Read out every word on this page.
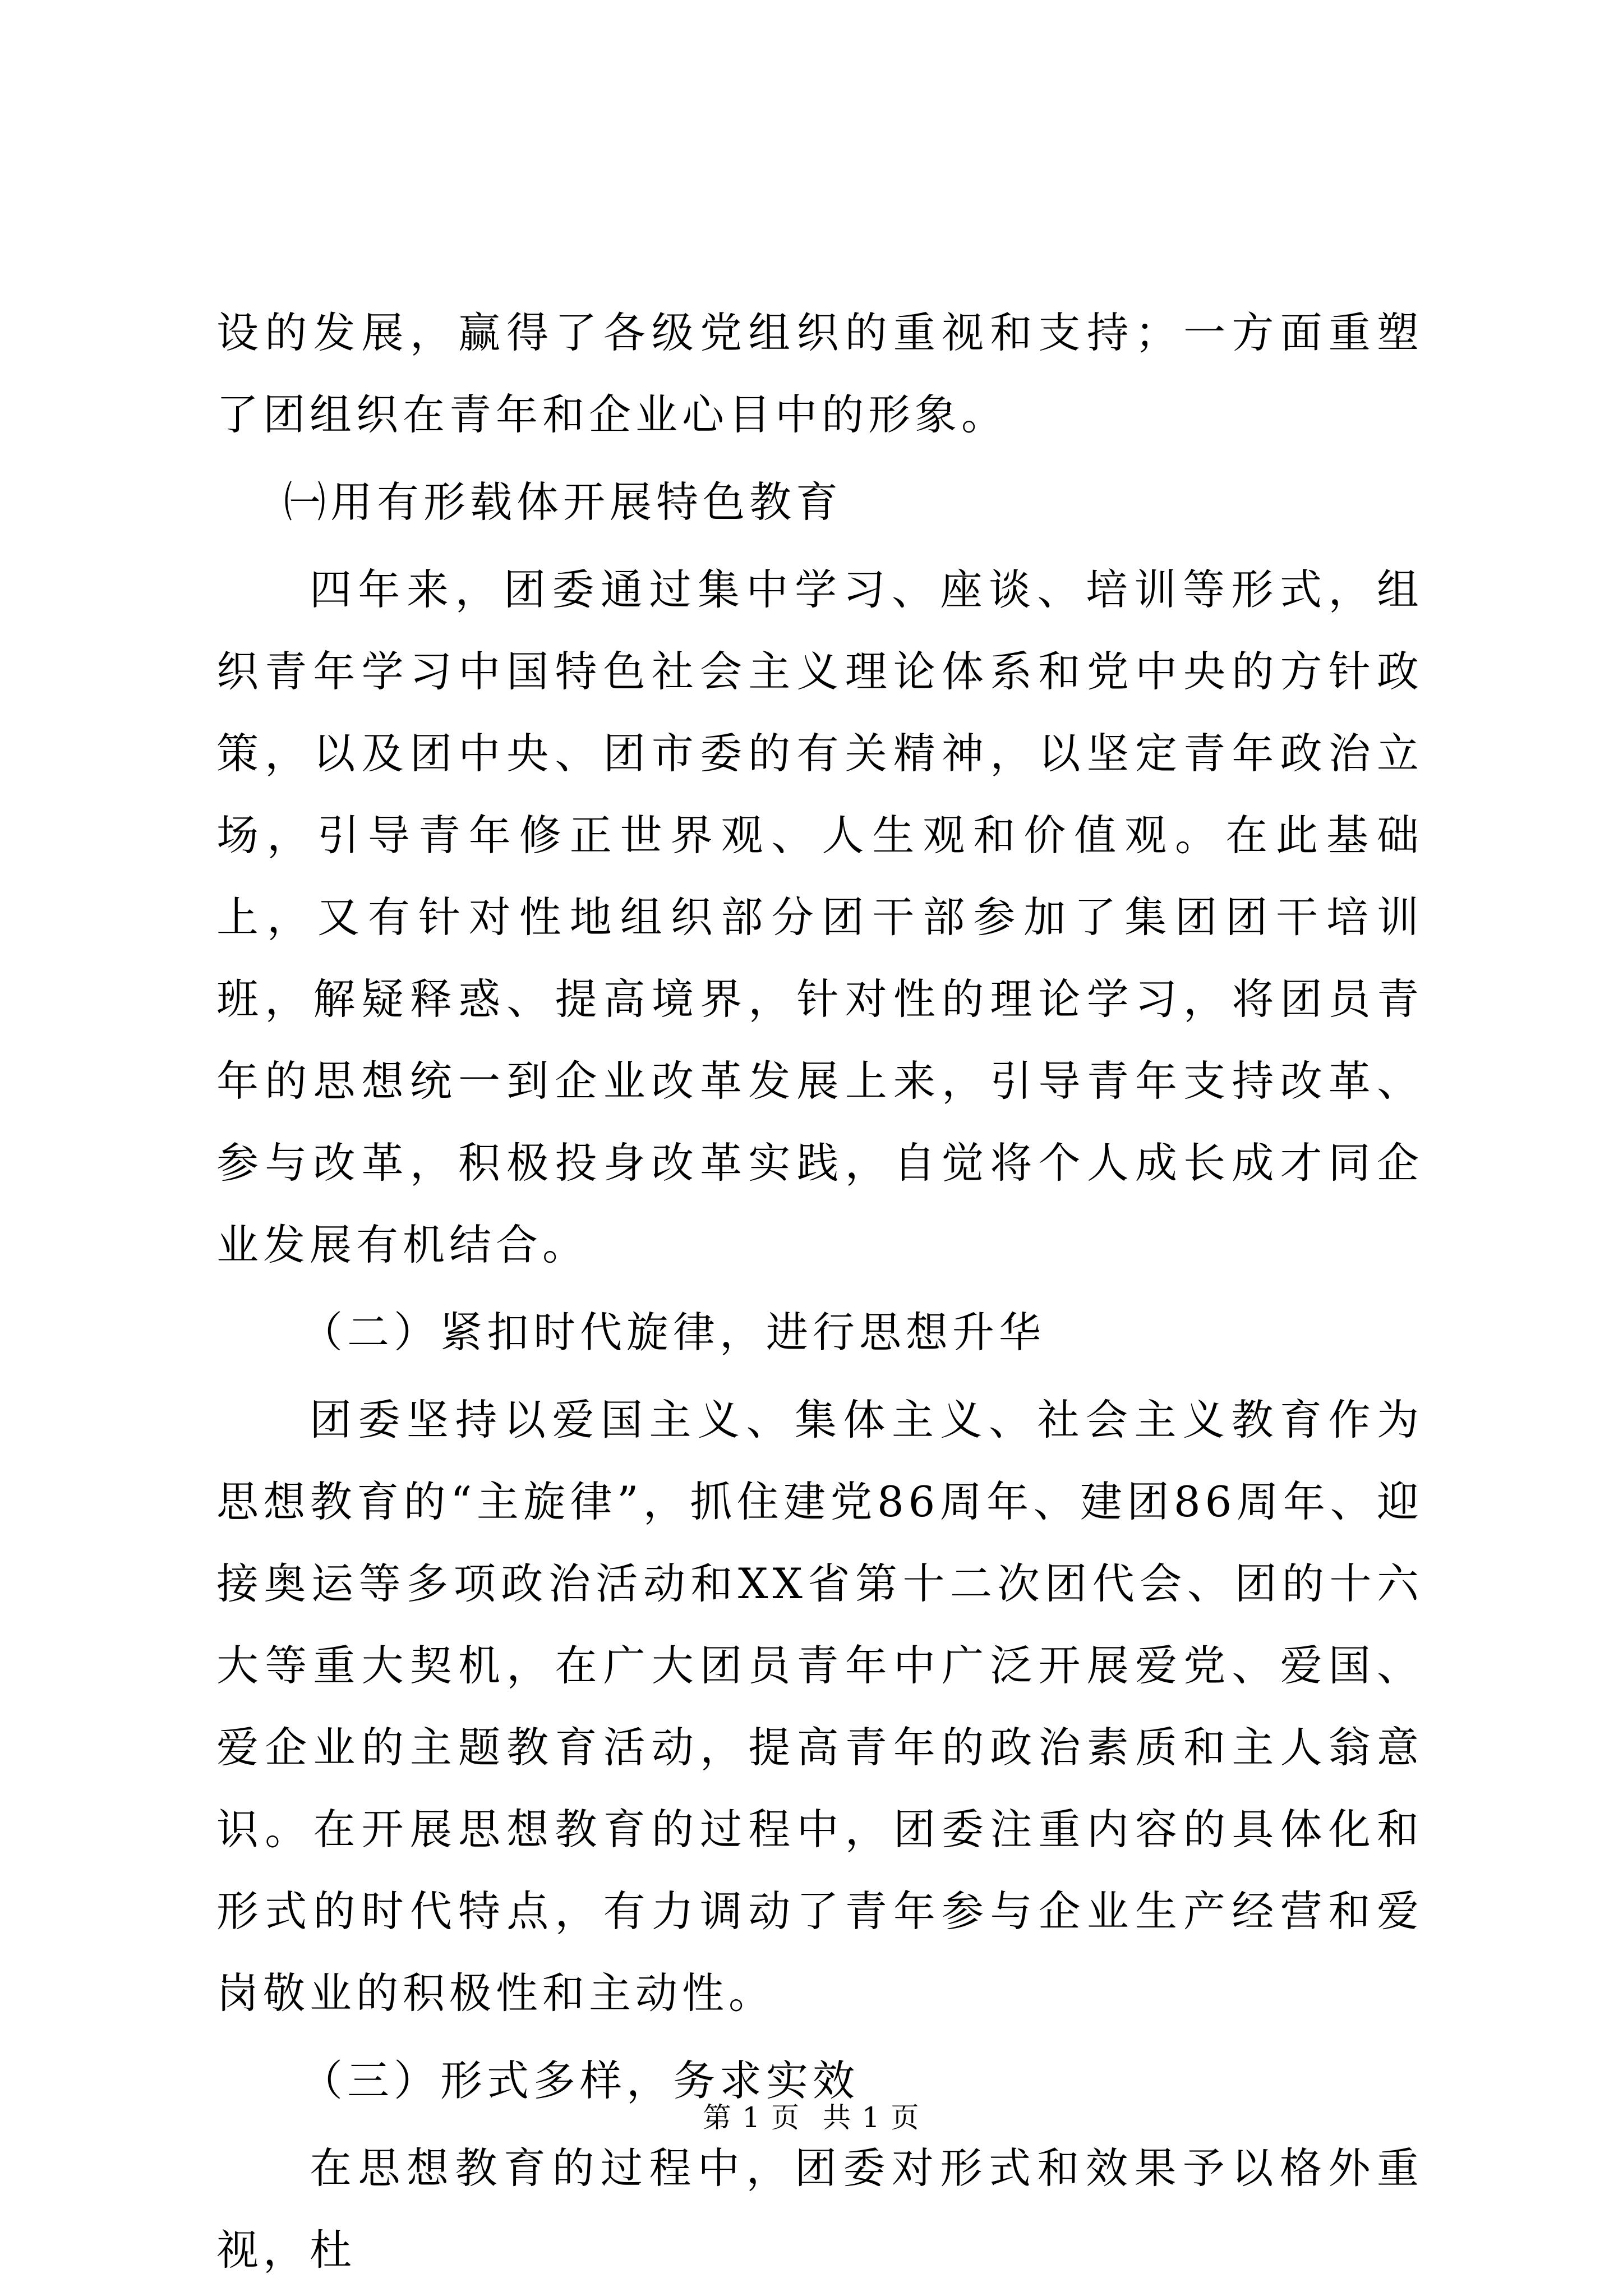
设的发展，赢得了各级党组织的重视和支持；一方面重塑了团组织在青年和企业心目中的形象。

㈠用有形载体开展特色教育

四年来，团委通过集中学习、座谈、培训等形式，组织青年学习中国特色社会主义理论体系和党中央的方针政策，以及团中央、团市委的有关精神，以坚定青年政治立场，引导青年修正世界观、人生观和价值观。在此基础上，又有针对性地组织部分团干部参加了集团团干培训班，解疑释惑、提高境界，针对性的理论学习，将团员青年的思想统一到企业改革发展上来，引导青年支持改革、参与改革，积极投身改革实践，自觉将个人成长成才同企业发展有机结合。

（二）紧扣时代旋律，进行思想升华

团委坚持以爱国主义、集体主义、社会主义教育作为思想教育的“主旋律”，抓住建党86周年、建团86周年、迎接奥运等多项政治活动和XX省第十二次团代会、团的十六大等重大契机，在广大团员青年中广泛开展爱党、爱国、爱企业的主题教育活动，提高青年的政治素质和主人翁意识。在开展思想教育的过程中，团委注重内容的具体化和形式的时代特点，有力调动了青年参与企业生产经营和爱岗敬业的积极性和主动性。

（三）形式多样，务求实效

在思想教育的过程中，团委对形式和效果予以格外重视，杜

第 1 页 共 1 页
